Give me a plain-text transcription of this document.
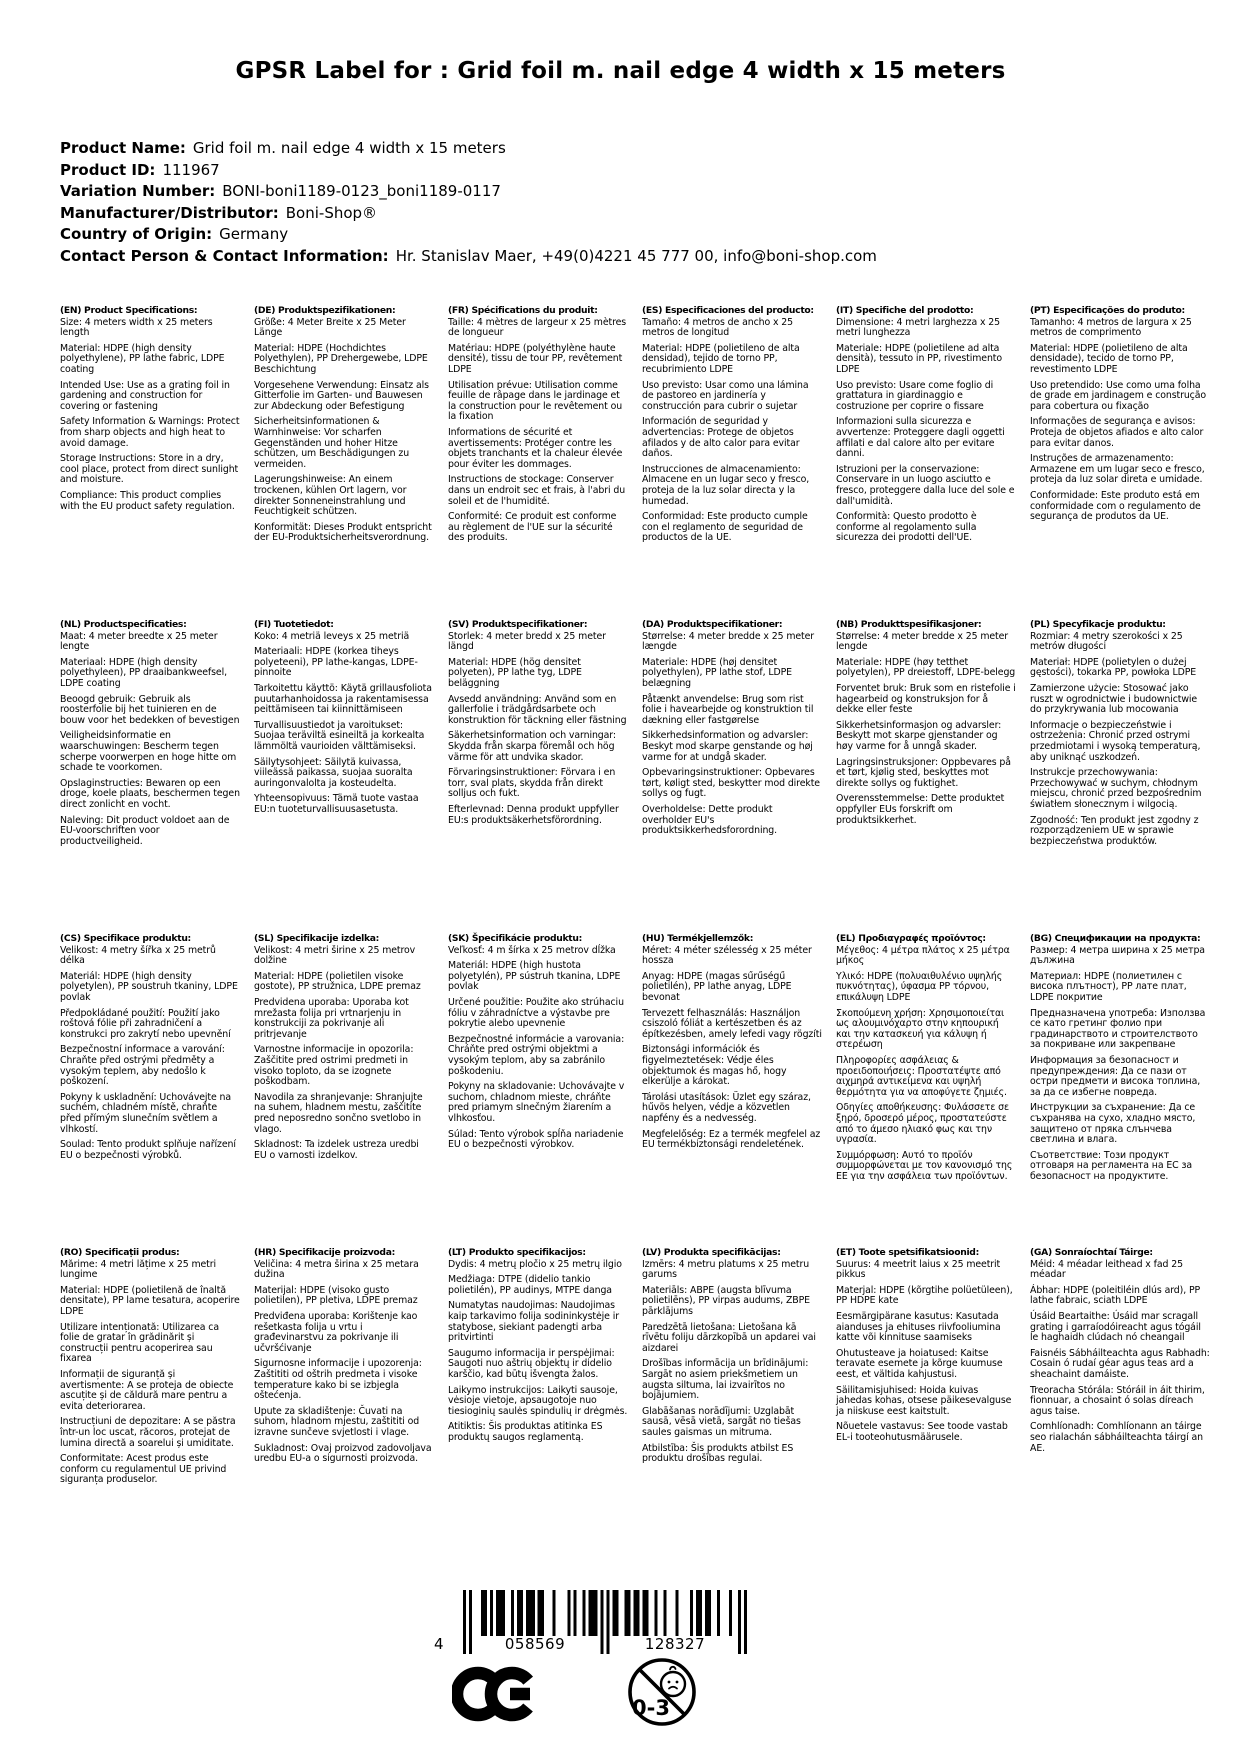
GPSR Label for : Grid foil m. nail edge 4 width x 15 meters
Product Name: Grid foil m. nail edge 4 width x 15 meters
Product ID: 111967
Variation Number: BONI-boni1189-0123_boni1189-0117
Manufacturer/Distributor: Boni-Shop®
Country of Origin: Germany
Contact Person & Contact Information: Hr. Stanislav Maer, +49(0)4221 45 777 00, info@boni-shop.com
(EN) Product Specifications:
Size: 4 meters width x 25 meters length
Material: HDPE (high density polyethylene), PP lathe fabric, LDPE coating
Intended Use: Use as a grating foil in gardening and construction for covering or fastening
Safety Information & Warnings: Protect from sharp objects and high heat to avoid damage.
Storage Instructions: Store in a dry, cool place, protect from direct sunlight and moisture.
Compliance: This product complies with the EU product safety regulation.
(DE) Produktspezifikationen:
Größe: 4 Meter Breite x 25 Meter Länge
Material: HDPE (Hochdichtes Polyethylen), PP Drehergewebe, LDPE Beschichtung
Vorgesehene Verwendung: Einsatz als Gitterfolie im Garten- und Bauwesen zur Abdeckung oder Befestigung
Sicherheitsinformationen & Warnhinweise: Vor scharfen Gegenständen und hoher Hitze schützen, um Beschädigungen zu vermeiden.
Lagerungshinweise: An einem trockenen, kühlen Ort lagern, vor direkter Sonneneinstrahlung und Feuchtigkeit schützen.
Konformität: Dieses Produkt entspricht der EU-Produktsicherheitsverordnung.
(FR) Spécifications du produit:
Taille: 4 mètres de largeur x 25 mètres de longueur
Matériau: HDPE (polyéthylène haute densité), tissu de tour PP, revêtement LDPE
Utilisation prévue: Utilisation comme feuille de râpage dans le jardinage et la construction pour le revêtement ou la fixation
Informations de sécurité et avertissements: Protéger contre les objets tranchants et la chaleur élevée pour éviter les dommages.
Instructions de stockage: Conserver dans un endroit sec et frais, à l'abri du soleil et de l'humidité.
Conformité: Ce produit est conforme au règlement de l'UE sur la sécurité des produits.
(ES) Especificaciones del producto:
Tamaño: 4 metros de ancho x 25 metros de longitud
Material: HDPE (polietileno de alta densidad), tejido de torno PP, recubrimiento LDPE
Uso previsto: Usar como una lámina de pastoreo en jardinería y construcción para cubrir o sujetar
Información de seguridad y advertencias: Protege de objetos afilados y de alto calor para evitar daños.
Instrucciones de almacenamiento: Almacene en un lugar seco y fresco, proteja de la luz solar directa y la humedad.
Conformidad: Este producto cumple con el reglamento de seguridad de productos de la UE.
(IT) Specifiche del prodotto:
Dimensione: 4 metri larghezza x 25 metri lunghezza
Materiale: HDPE (polietilene ad alta densità), tessuto in PP, rivestimento LDPE
Uso previsto: Usare come foglio di grattatura in giardinaggio e costruzione per coprire o fissare
Informazioni sulla sicurezza e avvertenze: Proteggere dagli oggetti affilati e dal calore alto per evitare danni.
Istruzioni per la conservazione: Conservare in un luogo asciutto e fresco, proteggere dalla luce del sole e dall'umidità.
Conformità: Questo prodotto è conforme al regolamento sulla sicurezza dei prodotti dell'UE.
(PT) Especificações do produto:
Tamanho: 4 metros de largura x 25 metros de comprimento
Material: HDPE (polietileno de alta densidade), tecido de torno PP, revestimento LDPE
Uso pretendido: Use como uma folha de grade em jardinagem e construção para cobertura ou fixação
Informações de segurança e avisos: Proteja de objetos afiados e alto calor para evitar danos.
Instruções de armazenamento: Armazene em um lugar seco e fresco, proteja da luz solar direta e umidade.
Conformidade: Este produto está em conformidade com o regulamento de segurança de produtos da UE.
(NL) Productspecificaties:
Maat: 4 meter breedte x 25 meter lengte
Materiaal: HDPE (high density polyethyleen), PP draaibankweefsel, LDPE coating
Beoogd gebruik: Gebruik als roosterfolie bij het tuinieren en de bouw voor het bedekken of bevestigen
Veiligheidsinformatie en waarschuwingen: Bescherm tegen scherpe voorwerpen en hoge hitte om schade te voorkomen.
Opslaginstructies: Bewaren op een droge, koele plaats, beschermen tegen direct zonlicht en vocht.
Naleving: Dit product voldoet aan de EU-voorschriften voor productveiligheid.
(FI) Tuotetiedot:
Koko: 4 metriä leveys x 25 metriä
Materiaali: HDPE (korkea tiheys polyeteeni), PP lathe-kangas, LDPE-pinnoite
Tarkoitettu käyttö: Käytä grillausfoliota puutarhanhoidossa ja rakentamisessa peittämiseen tai kiinnittämiseen
Turvallisuustiedot ja varoitukset: Suojaa teräviltä esineiltä ja korkealta lämmöltä vaurioiden välttämiseksi.
Säilytysohjeet: Säilytä kuivassa, viileässä paikassa, suojaa suoralta auringonvalolta ja kosteudelta.
Yhteensopivuus: Tämä tuote vastaa EU:n tuoteturvallisuusasetusta.
(SV) Produktspecifikationer:
Storlek: 4 meter bredd x 25 meter längd
Material: HDPE (hög densitet polyeten), PP lathe tyg, LDPE beläggning
Avsedd användning: Använd som en gallerfolie i trädgårdsarbete och konstruktion för täckning eller fästning
Säkerhetsinformation och varningar: Skydda från skarpa föremål och hög värme för att undvika skador.
Förvaringsinstruktioner: Förvara i en torr, sval plats, skydda från direkt solljus och fukt.
Efterlevnad: Denna produkt uppfyller EU:s produktsäkerhetsförordning.
(DA) Produktspecifikationer:
Størrelse: 4 meter bredde x 25 meter længde
Materiale: HDPE (høj densitet polyethylen), PP lathe stof, LDPE belægning
Påtænkt anvendelse: Brug som rist folie i havearbejde og konstruktion til dækning eller fastgørelse
Sikkerhedsinformation og advarsler: Beskyt mod skarpe genstande og høj varme for at undgå skader.
Opbevaringsinstruktioner: Opbevares tørt, køligt sted, beskytter mod direkte sollys og fugt.
Overholdelse: Dette produkt overholder EU's produktsikkerhedsforordning.
(NB) Produkttspesifikasjoner:
Størrelse: 4 meter bredde x 25 meter lengde
Materiale: HDPE (høy tetthet polyetylen), PP dreiestoff, LDPE-belegg
Forventet bruk: Bruk som en ristefolie i hagearbeid og konstruksjon for å dekke eller feste
Sikkerhetsinformasjon og advarsler: Beskytt mot skarpe gjenstander og høy varme for å unngå skader.
Lagringsinstruksjoner: Oppbevares på et tørt, kjølig sted, beskyttes mot direkte sollys og fuktighet.
Overensstemmelse: Dette produktet oppfyller EUs forskrift om produktsikkerhet.
(PL) Specyfikacje produktu:
Rozmiar: 4 metry szerokości x 25 metrów długości
Materiał: HDPE (polietylen o dużej gęstości), tokarka PP, powłoka LDPE
Zamierzone użycie: Stosować jako ruszt w ogrodnictwie i budownictwie do przykrywania lub mocowania
Informacje o bezpieczeństwie i ostrzeżenia: Chronić przed ostrymi przedmiotami i wysoką temperaturą, aby uniknąć uszkodzeń.
Instrukcje przechowywania: Przechowywać w suchym, chłodnym miejscu, chronić przed bezpośrednim światłem słonecznym i wilgocią.
Zgodność: Ten produkt jest zgodny z rozporządzeniem UE w sprawie bezpieczeństwa produktów.
(CS) Specifikace produktu:
Velikost: 4 metry šířka x 25 metrů délka
Materiál: HDPE (high density polyetylen), PP soustruh tkaniny, LDPE povlak
Předpokládané použití: Použití jako roštová fólie při zahradničení a konstrukci pro zakrytí nebo upevnění
Bezpečnostní informace a varování: Chraňte před ostrými předměty a vysokým teplem, aby nedošlo k poškození.
Pokyny k uskladnění: Uchovávejte na suchém, chladném místě, chraňte před přímým slunečním světlem a vlhkostí.
Soulad: Tento produkt splňuje nařízení EU o bezpečnosti výrobků.
(SL) Specifikacije izdelka:
Velikost: 4 metri širine x 25 metrov dolžine
Material: HDPE (polietilen visoke gostote), PP stružnica, LDPE premaz
Predvidena uporaba: Uporaba kot mrežasta folija pri vrtnarjenju in konstrukciji za pokrivanje ali pritrjevanje
Varnostne informacije in opozorila: Zaščitite pred ostrimi predmeti in visoko toploto, da se izognete poškodbam.
Navodila za shranjevanje: Shranjujte na suhem, hladnem mestu, zaščitite pred neposredno sončno svetlobo in vlago.
Skladnost: Ta izdelek ustreza uredbi EU o varnosti izdelkov.
(SK) Špecifikácie produktu:
Veľkosť: 4 m šírka x 25 metrov dĺžka
Materiál: HDPE (high hustota polyetylén), PP sústruh tkanina, LDPE povlak
Určené použitie: Použite ako strúhaciu fóliu v záhradníctve a výstavbe pre pokrytie alebo upevnenie
Bezpečnostné informácie a varovania: Chráňte pred ostrými objektmi a vysokým teplom, aby sa zabránilo poškodeniu.
Pokyny na skladovanie: Uchovávajte v suchom, chladnom mieste, chráňte pred priamym slnečným žiarením a vlhkosťou.
Súlad: Tento výrobok spĺňa nariadenie EU o bezpečnosti výrobkov.
(HU) Termékjellemzők:
Méret: 4 méter szélesség x 25 méter hossza
Anyag: HDPE (magas sűrűségű polietilén), PP lathe anyag, LDPE bevonat
Tervezett felhasználás: Használjon csiszoló fóliát a kertészetben és az építkezésben, amely lefedi vagy rögzíti
Biztonsági információk és figyelmeztetések: Védje éles objektumok és magas hő, hogy elkerülje a károkat.
Tárolási utasítások: Üzlet egy száraz, hűvös helyen, védje a közvetlen napfény és a nedvesség.
Megfelelőség: Ez a termék megfelel az EU termékbiztonsági rendeletének.
(EL) Προδιαγραφές προϊόντος:
Μέγεθος: 4 μέτρα πλάτος x 25 μέτρα μήκος
Υλικό: HDPE (πολυαιθυλένιο υψηλής πυκνότητας), ύφασμα PP τόρνου, επικάλυψη LDPE
Σκοπούμενη χρήση: Χρησιμοποιείται ως αλουμινόχαρτο στην κηπουρική και την κατασκευή για κάλυψη ή στερέωση
Πληροφορίες ασφάλειας & προειδοποιήσεις: Προστατέψτε από αιχμηρά αντικείμενα και υψηλή θερμότητα για να αποφύγετε ζημιές.
Οδηγίες αποθήκευσης: Φυλάσσετε σε ξηρό, δροσερό μέρος, προστατεύστε από το άμεσο ηλιακό φως και την υγρασία.
Συμμόρφωση: Αυτό το προϊόν συμμορφώνεται με τον κανονισμό της ΕΕ για την ασφάλεια των προϊόντων.
(BG) Спецификации на продукта:
Размер: 4 метра ширина x 25 метра дължина
Материал: HDPE (полиетилен с висока плътност), PP лате плат, LDPE покритие
Предназначена употреба: Използва се като гретинг фолио при градинарството и строителството за покриване или закрепване
Информация за безопасност и предупреждения: Да се пази от остри предмети и висока топлина, за да се избегне повреда.
Инструкции за съхранение: Да се съхранява на сухо, хладно място, защитено от пряка слънчева светлина и влага.
Съответствие: Този продукт отговаря на регламента на ЕС за безопасност на продуктите.
(RO) Specificații produs:
Mărime: 4 metri lățime x 25 metri lungime
Material: HDPE (polietilenă de înaltă densitate), PP lame tesatura, acoperire LDPE
Utilizare intenționată: Utilizarea ca folie de gratar în grădinărit și construcții pentru acoperirea sau fixarea
Informații de siguranță și avertismente: A se proteja de obiecte ascuțite și de căldură mare pentru a evita deteriorarea.
Instrucțiuni de depozitare: A se păstra într-un loc uscat, răcoros, protejat de lumina directă a soarelui și umiditate.
Conformitate: Acest produs este conform cu regulamentul UE privind siguranța produselor.
(HR) Specifikacije proizvoda:
Veličina: 4 metra širina x 25 metara dužina
Materijal: HDPE (visoko gusto polietilen), PP pletiva, LDPE premaz
Predviđena uporaba: Korištenje kao rešetkasta folija u vrtu i građevinarstvu za pokrivanje ili učvršćivanje
Sigurnosne informacije i upozorenja: Zaštititi od oštrih predmeta i visoke temperature kako bi se izbjegla oštećenja.
Upute za skladištenje: Čuvati na suhom, hladnom mjestu, zaštititi od izravne sunčeve svjetlosti i vlage.
Sukladnost: Ovaj proizvod zadovoljava uredbu EU-a o sigurnosti proizvoda.
(LT) Produkto specifikacijos:
Dydis: 4 metrų pločio x 25 metrų ilgio
Medžiaga: DTPE (didelio tankio polietilén), PP audinys, MTPE danga
Numatytas naudojimas: Naudojimas kaip tarkavimo folija sodininkystėje ir statybose, siekiant padengti arba pritvirtinti
Saugumo informacija ir perspėjimai: Saugoti nuo aštrių objektų ir didelio karščio, kad būtų išvengta žalos.
Laikymo instrukcijos: Laikyti sausoje, vėsioje vietoje, apsaugotoje nuo tiesioginių saulės spindulių ir drėgmės.
Atitiktis: Šis produktas atitinka ES produktų saugos reglamentą.
(LV) Produkta specifikācijas:
Izmērs: 4 metru platums x 25 metru garums
Materiāls: ABPE (augsta blīvuma polietilēns), PP virpas audums, ZBPE pārklājums
Paredzētā lietošana: Lietošana kā rīvētu foliju dārzkopībā un apdarei vai aizdarei
Drošības informācija un brīdinājumi: Sargāt no asiem priekšmetiem un augsta siltuma, lai izvairītos no bojājumiem.
Glabāšanas norādījumi: Uzglabāt sausā, vēsā vietā, sargāt no tiešas saules gaismas un mitruma.
Atbilstība: Šis produkts atbilst ES produktu drošības regulai.
(ET) Toote spetsifikatsioonid:
Suurus: 4 meetrit laius x 25 meetrit pikkus
Materjal: HDPE (kõrgtihe polüetüleen), PP HDPE kate
Eesmärgipärane kasutus: Kasutada aianduses ja ehituses riivfooliumina katte või kinnituse saamiseks
Ohutusteave ja hoiatused: Kaitse teravate esemete ja kõrge kuumuse eest, et vältida kahjustusi.
Säilitamisjuhised: Hoida kuivas jahedas kohas, otsese päikesevalguse ja niiskuse eest kaitstult.
Nõuetele vastavus: See toode vastab EL-i tooteohutusmäärusele.
(GA) Sonraíochtaí Táirge:
Méid: 4 méadar leithead x fad 25 méadar
Ábhar: HDPE (poleitiléin dlús ard), PP lathe fabraic, sciath LDPE
Úsáid Beartaithe: Úsáid mar scragall grating i garraíodóireacht agus tógáil le haghaidh clúdach nó cheangail
Faisnéis Sábháilteachta agus Rabhadh: Cosain ó rudaí géar agus teas ard a sheachaint damáiste.
Treoracha Stórála: Stóráil in áit thirim, fionnuar, a chosaint ó solas díreach agus taise.
Comhlíonadh: Comhlíonann an táirge seo rialachán sábháilteachta táirgí an AE.
4	058569	128327
0-3
